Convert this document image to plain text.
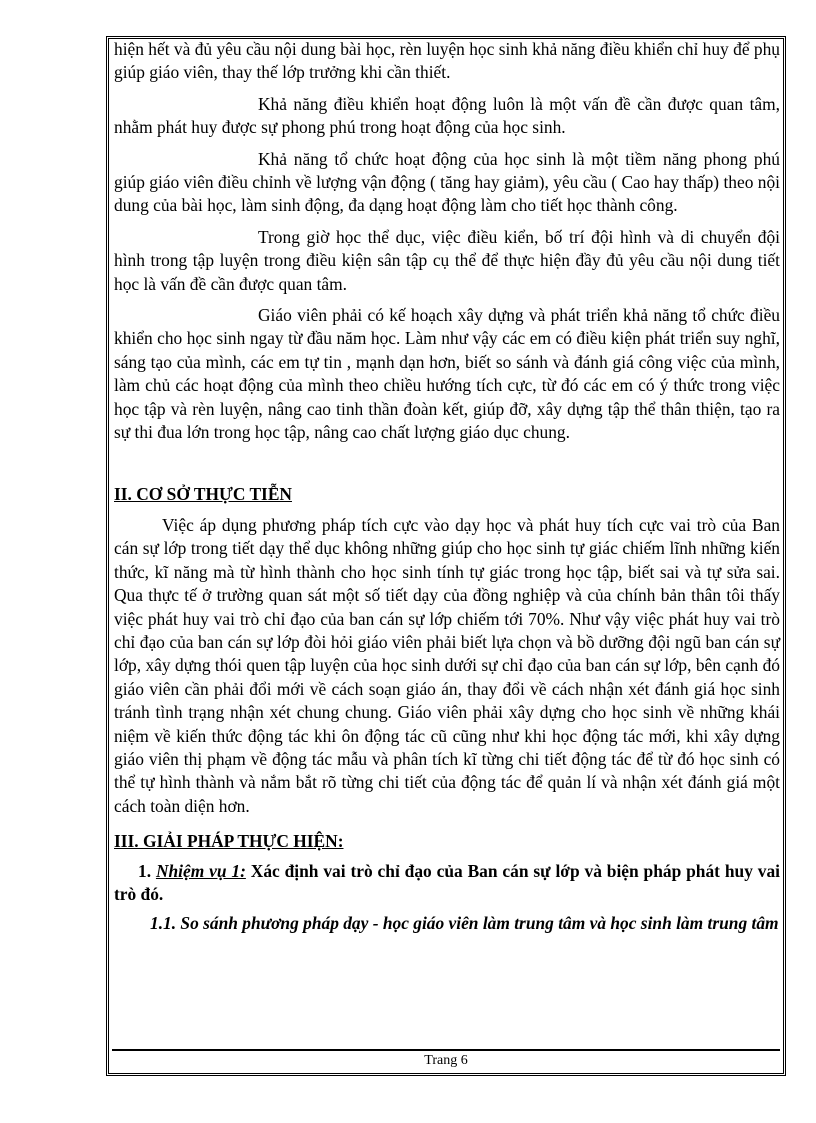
hiện hết và đủ yêu cầu nội dung bài học, rèn luyện học sinh khả năng điều khiển chỉ huy để phụ giúp giáo viên, thay thế lớp trưởng khi cần thiết.

Khả năng điều khiển hoạt động luôn là một vấn đề cần được quan tâm, nhằm phát huy được sự phong phú trong hoạt động của học sinh.

Khả năng tổ chức hoạt động của học sinh là một tiềm năng phong phú giúp giáo viên điều chỉnh về lượng vận động ( tăng hay giảm), yêu cầu ( Cao hay thấp) theo nội dung của bài học, làm sinh động, đa dạng hoạt động làm cho tiết học thành công.

Trong giờ học thể dục, việc điều kiển, bố trí đội hình và di chuyển đội hình trong tập luyện trong điều kiện sân tập cụ thể để thực hiện đầy đủ yêu cầu nội dung tiết học là vấn đề cần được quan tâm.

Giáo viên phải có kế hoạch xây dựng và phát triển khả năng tổ chức điều khiển cho học sinh ngay từ đầu năm học. Làm như vậy các em có điều kiện phát triển suy nghĩ, sáng tạo của mình, các em tự tin , mạnh dạn hơn, biết so sánh và đánh giá công việc của mình, làm chủ các hoạt động của mình theo chiều hướng tích cực, từ đó các em có ý thức trong việc học tập và rèn luyện, nâng cao tinh thần đoàn kết, giúp đỡ, xây dựng tập thể thân thiện, tạo ra sự thi đua lớn trong học tập, nâng cao chất lượng giáo dục chung.

II. CƠ SỞ THỰC TIỄN

Việc áp dụng phương pháp tích cực vào dạy học và phát huy tích cực vai trò của Ban cán sự lớp trong tiết dạy thể dục không những giúp cho học sinh tự giác chiếm lĩnh những kiến thức, kĩ năng mà từ hình thành cho học sinh tính tự giác trong học tập, biết sai và tự sửa sai. Qua thực tế ở trường quan sát một số tiết dạy của đồng nghiệp và của chính bản thân tôi thấy việc phát huy vai trò chỉ đạo của ban cán sự lớp chiếm tới 70%. Như vậy việc phát huy vai trò chỉ đạo của ban cán sự lớp đòi hỏi giáo viên phải biết lựa chọn và bồ dưỡng đội ngũ ban cán sự lớp, xây dựng thói quen tập luyện của học sinh dưới sự chỉ đạo của ban cán sự lớp, bên cạnh đó giáo viên cần phải đổi mới về cách soạn giáo án, thay đổi về cách nhận xét đánh giá học sinh tránh tình trạng nhận xét chung chung. Giáo viên phải xây dựng cho học sinh về những khái niệm về kiến thức động tác khi ôn động tác cũ cũng như khi học động tác mới, khi xây dựng giáo viên thị phạm về động tác mẫu và phân tích kĩ từng chi tiết động tác để từ đó học sinh có thể tự hình thành và nắm bắt rõ từng chi tiết của động tác để quản lí và nhận xét đánh giá một cách toàn diện hơn.

III. GIẢI PHÁP THỰC HIỆN:

1. Nhiệm vụ 1: Xác định vai trò chỉ đạo của Ban cán sự lớp và biện pháp phát huy vai trò đó.

1.1. So sánh phương pháp dạy - học giáo viên làm trung tâm và học sinh làm trung tâm

Trang 6
